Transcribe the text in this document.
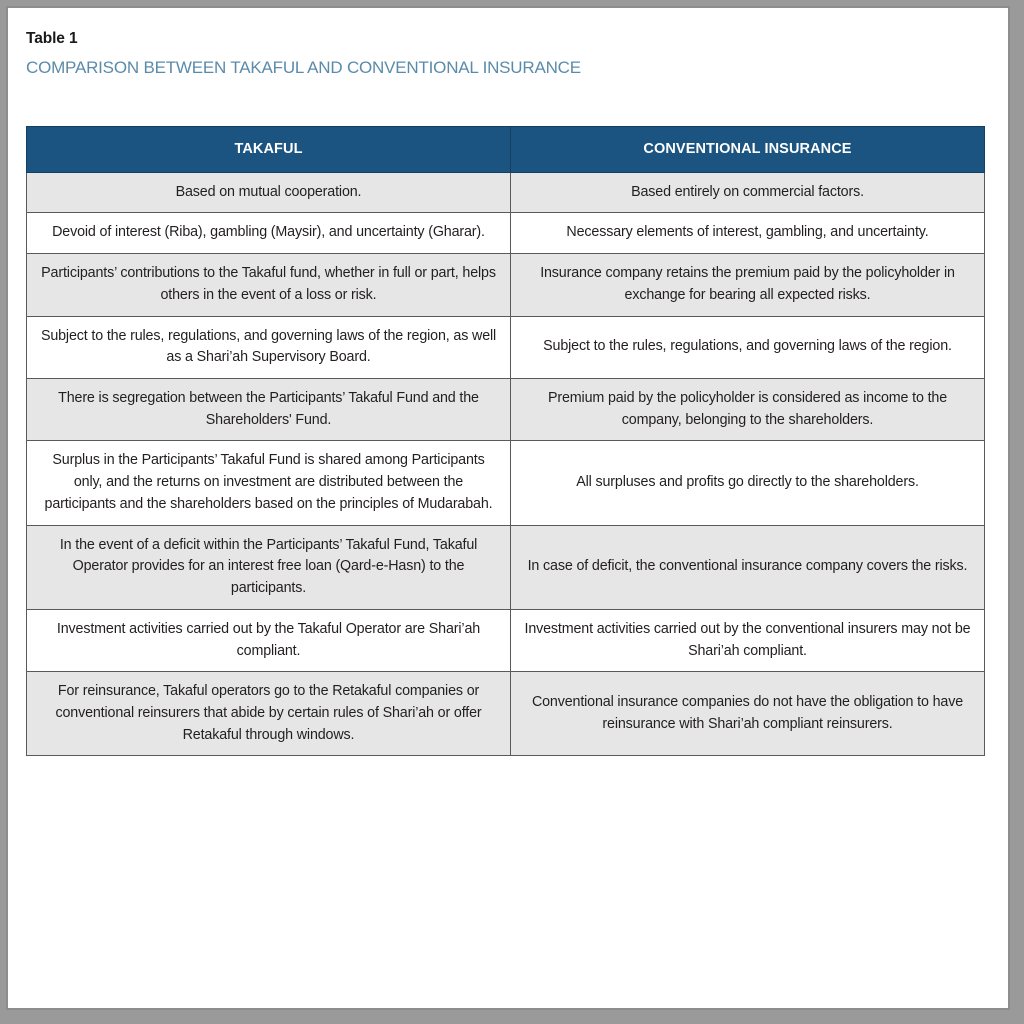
Table 1
COMPARISON BETWEEN TAKAFUL AND CONVENTIONAL INSURANCE
TAKAFUL	CONVENTIONAL INSURANCE
Based on mutual cooperation.	Based entirely on commercial factors.
Devoid of interest (Riba), gambling (Maysir), and uncertainty (Gharar).	Necessary elements of interest, gambling, and uncertainty.
Participants’ contributions to the Takaful fund, whether in full or part, helps others in the event of a loss or risk.	Insurance company retains the premium paid by the policyholder in exchange for bearing all expected risks.
Subject to the rules, regulations, and governing laws of the region, as well as a Shari’ah Supervisory Board.	Subject to the rules, regulations, and governing laws of the region.
There is segregation between the Participants’ Takaful Fund and the Shareholders' Fund.	Premium paid by the policyholder is considered as income to the company, belonging to the shareholders.
Surplus in the Participants’ Takaful Fund is shared among Participants only, and the returns on investment are distributed between the participants and the shareholders based on the principles of Mudarabah.	All surpluses and profits go directly to the shareholders.
In the event of a deficit within the Participants’ Takaful Fund, Takaful Operator provides for an interest free loan (Qard-e-Hasn) to the participants.	In case of deficit, the conventional insurance company covers the risks.
Investment activities carried out by the Takaful Operator are Shari’ah compliant.	Investment activities carried out by the conventional insurers may not be Shari’ah compliant.
For reinsurance, Takaful operators go to the Retakaful companies or conventional reinsurers that abide by certain rules of Shari’ah or offer Retakaful through windows.	Conventional insurance companies do not have the obligation to have reinsurance with Shari’ah compliant reinsurers.
